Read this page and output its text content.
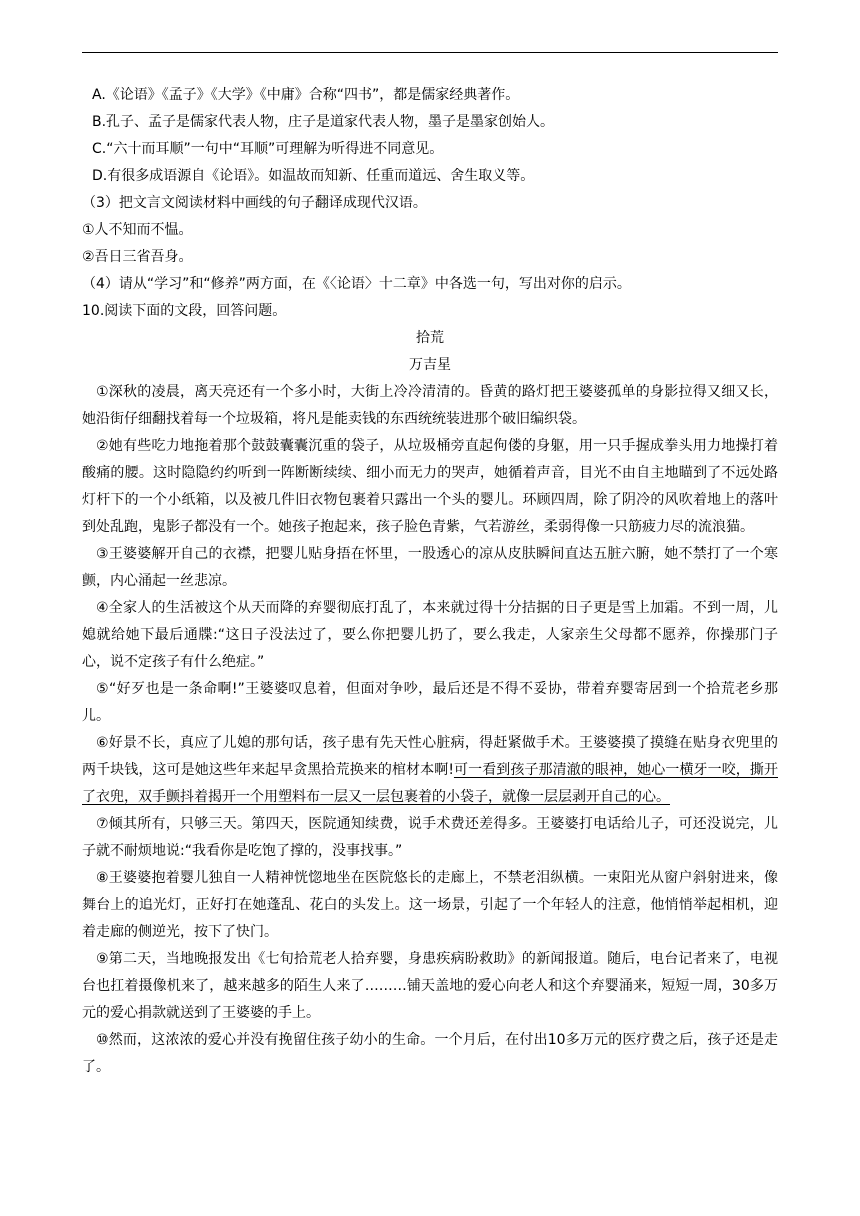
A.《论语》《孟子》《大学》《中庸》合称“四书”，都是儒家经典著作。

B.孔子、孟子是儒家代表人物，庄子是道家代表人物，墨子是墨家创始人。

C.“六十而耳顺”一句中“耳顺”可理解为听得进不同意见。

D.有很多成语源自《论语》。如温故而知新、任重而道远、舍生取义等。

（3）把文言文阅读材料中画线的句子翻译成现代汉语。

①人不知而不愠。

②吾日三省吾身。

（4）请从“学习”和“修养”两方面，在《〈论语〉十二章》中各选一句，写出对你的启示。

10.阅读下面的文段，回答问题。

拾荒

万吉星

①深秋的凌晨，离天亮还有一个多小时，大街上冷冷清清的。昏黄的路灯把王婆婆孤单的身影拉得又细又长，她沿街仔细翻找着每一个垃圾箱，将凡是能卖钱的东西统统装进那个破旧编织袋。

②她有些吃力地拖着那个鼓鼓囊囊沉重的袋子，从垃圾桶旁直起佝偻的身躯，用一只手握成拳头用力地操打着酸痛的腰。这时隐隐约约听到一阵断断续续、细小而无力的哭声，她循着声音，目光不由自主地瞄到了不远处路灯杆下的一个小纸箱，以及被几件旧衣物包裹着只露出一个头的婴儿。环顾四周，除了阴冷的风吹着地上的落叶到处乱跑，鬼影子都没有一个。她孩子抱起来，孩子脸色青紫，气若游丝，柔弱得像一只筋疲力尽的流浪猫。

③王婆婆解开自己的衣襟，把婴儿贴身捂在怀里，一股透心的凉从皮肤瞬间直达五脏六腑，她不禁打了一个寒颤，内心涌起一丝悲凉。

④全家人的生活被这个从天而降的弃婴彻底打乱了，本来就过得十分拮据的日子更是雪上加霜。不到一周，儿媳就给她下最后通牒:“这日子没法过了，要么你把婴儿扔了，要么我走，人家亲生父母都不愿养，你操那门子心，说不定孩子有什么绝症。”

⑤“好歹也是一条命啊!”王婆婆叹息着，但面对争吵，最后还是不得不妥协，带着弃婴寄居到一个拾荒老乡那儿。

⑥好景不长，真应了儿媳的那句话，孩子患有先天性心脏病，得赶紧做手术。王婆婆摸了摸缝在贴身衣兜里的两千块钱，这可是她这些年来起早贪黑拾荒换来的棺材本啊!可一看到孩子那清澈的眼神，她心一横牙一咬，撕开了衣兜，双手颤抖着揭开一个用塑料布一层又一层包裹着的小袋子，就像一层层剥开自己的心。

⑦倾其所有，只够三天。第四天，医院通知续费，说手术费还差得多。王婆婆打电话给儿子，可还没说完，儿子就不耐烦地说:“我看你是吃饱了撑的，没事找事。”

⑧王婆婆抱着婴儿独自一人精神恍惚地坐在医院悠长的走廊上，不禁老泪纵横。一束阳光从窗户斜射进来，像舞台上的追光灯，正好打在她蓬乱、花白的头发上。这一场景，引起了一个年轻人的注意，他悄悄举起相机，迎着走廊的侧逆光，按下了快门。

⑨第二天，当地晚报发出《七旬拾荒老人拾弃婴，身患疾病盼救助》的新闻报道。随后，电台记者来了，电视台也扛着摄像机来了，越来越多的陌生人来了………铺天盖地的爱心向老人和这个弃婴涌来，短短一周，30多万元的爱心捐款就送到了王婆婆的手上。

⑩然而，这浓浓的爱心并没有挽留住孩子幼小的生命。一个月后，在付出10多万元的医疗费之后，孩子还是走了。
